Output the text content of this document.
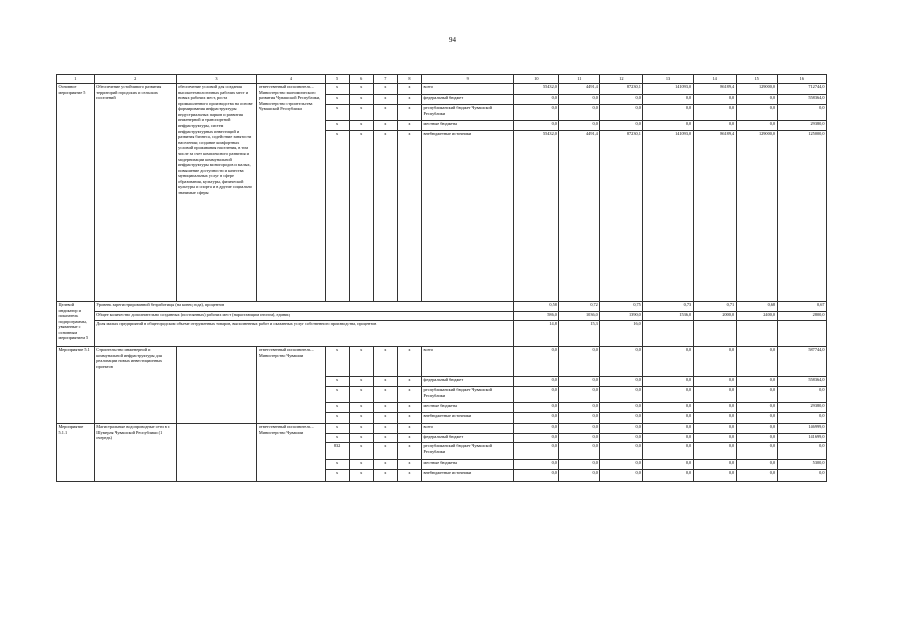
94
1	2	3	4	5	6	7	8	9	10	11	12	13	14	15	16
Основное мероприятие 5	Обеспечение устойчивого развития территорий городских и сельских поселений	обеспечение условий для создания высокотехнологичных рабочих мест и новых рабочих мест, роста промышленного производства на основе формирования инфраструктуры индустриальных парков и развития инженерной и транспортной инфраструктуры, систем инфраструктурных инвестиций и развития бизнеса, содействие занятости населения; создание комфортных условий проживания населения, в том числе за счет комплексного развития и модернизации коммунальной инфраструктуры моногородов и малых, повышение доступности и качества муниципальных услуг в сфере образования, культуры, физической культуры и спорта и в другие социально значимые сферы	ответственный исполнитель – Министерство экономического развития Чувашской Республики, Министерство строительства Чувашской Республики	x	x	x	x	всего	55432,0	4491,4	87230,1	141093,0	86189,4	129000,0	712744,0
				x	x	x	x	федеральный бюджет	0,0	0,0	0,0	0,0	0,0	0,0	558364,0
				x	x	x	x	республиканский бюджет Чувашской Республики	0,0	0,0	0,0	0,0	0,0	0,0	0,0
				x	x	x	x	местные бюджеты	0,0	0,0	0,0	0,0	0,0	0,0	29380,0
				x	x	x	x	внебюджетные источники	55432,0	4491,4	87230,1	141093,0	86189,4	129000,0	125000,0
Целевой индикатор и показатель подпрограммы, увязанные с основным мероприятием 5	Уровень зарегистрированной безработицы (на конец года), процентов								0,58	0,72	0,75	0,73	0,71	0,68	0,67
	Общее количество дополнительно созданных (постоянных) рабочих мест (нарастающим итогом), единиц								586,0	1036,0	1390,0	1536,0	2000,0	2400,0	2800,0
	Доля малых предприятий в общегородском объеме отгруженных товаров, выполненных работ и оказанных услуг собственного производства, процентов								14,8	15,3	16,0				
Мероприятие 5.1	Строительство инженерной и коммунальной инфраструктуры для реализации новых инвестиционных проектов		ответственный исполнитель – Министерство Чувашии	x	x	x	x	всего	0,0	0,0	0,0	0,0	0,0	0,0	587744,0
				x	x	x	x	федеральный бюджет	0,0	0,0	0,0	0,0	0,0	0,0	558364,0
				x	x	x	x	республиканский бюджет Чувашской Республики	0,0	0,0	0,0	0,0	0,0	0,0	0,0
				x	x	x	x	местные бюджеты	0,0	0,0	0,0	0,0	0,0	0,0	29380,0
				x	x	x	x	внебюджетные источники	0,0	0,0	0,0	0,0	0,0	0,0	0,0
Мероприятие 5.1.1	Магистральные водопроводные сети в г. Шумерля Чувашской Республики (1 очередь)		ответственный исполнитель – Министерство Чувашии	x	x	x	x	всего	0,0	0,0	0,0	0,0	0,0	0,0	146999,0
				x	x	x	x	федеральный бюджет	0,0	0,0	0,0	0,0	0,0	0,0	141699,0
				832	x	x	x	республиканский бюджет Чувашской Республики	0,0	0,0	0,0	0,0	0,0	0,0	0,0
				x	x	x	x	местные бюджеты	0,0	0,0	0,0	0,0	0,0	0,0	5300,0
				x	x	x	x	внебюджетные источники	0,0	0,0	0,0	0,0	0,0	0,0	0,0
